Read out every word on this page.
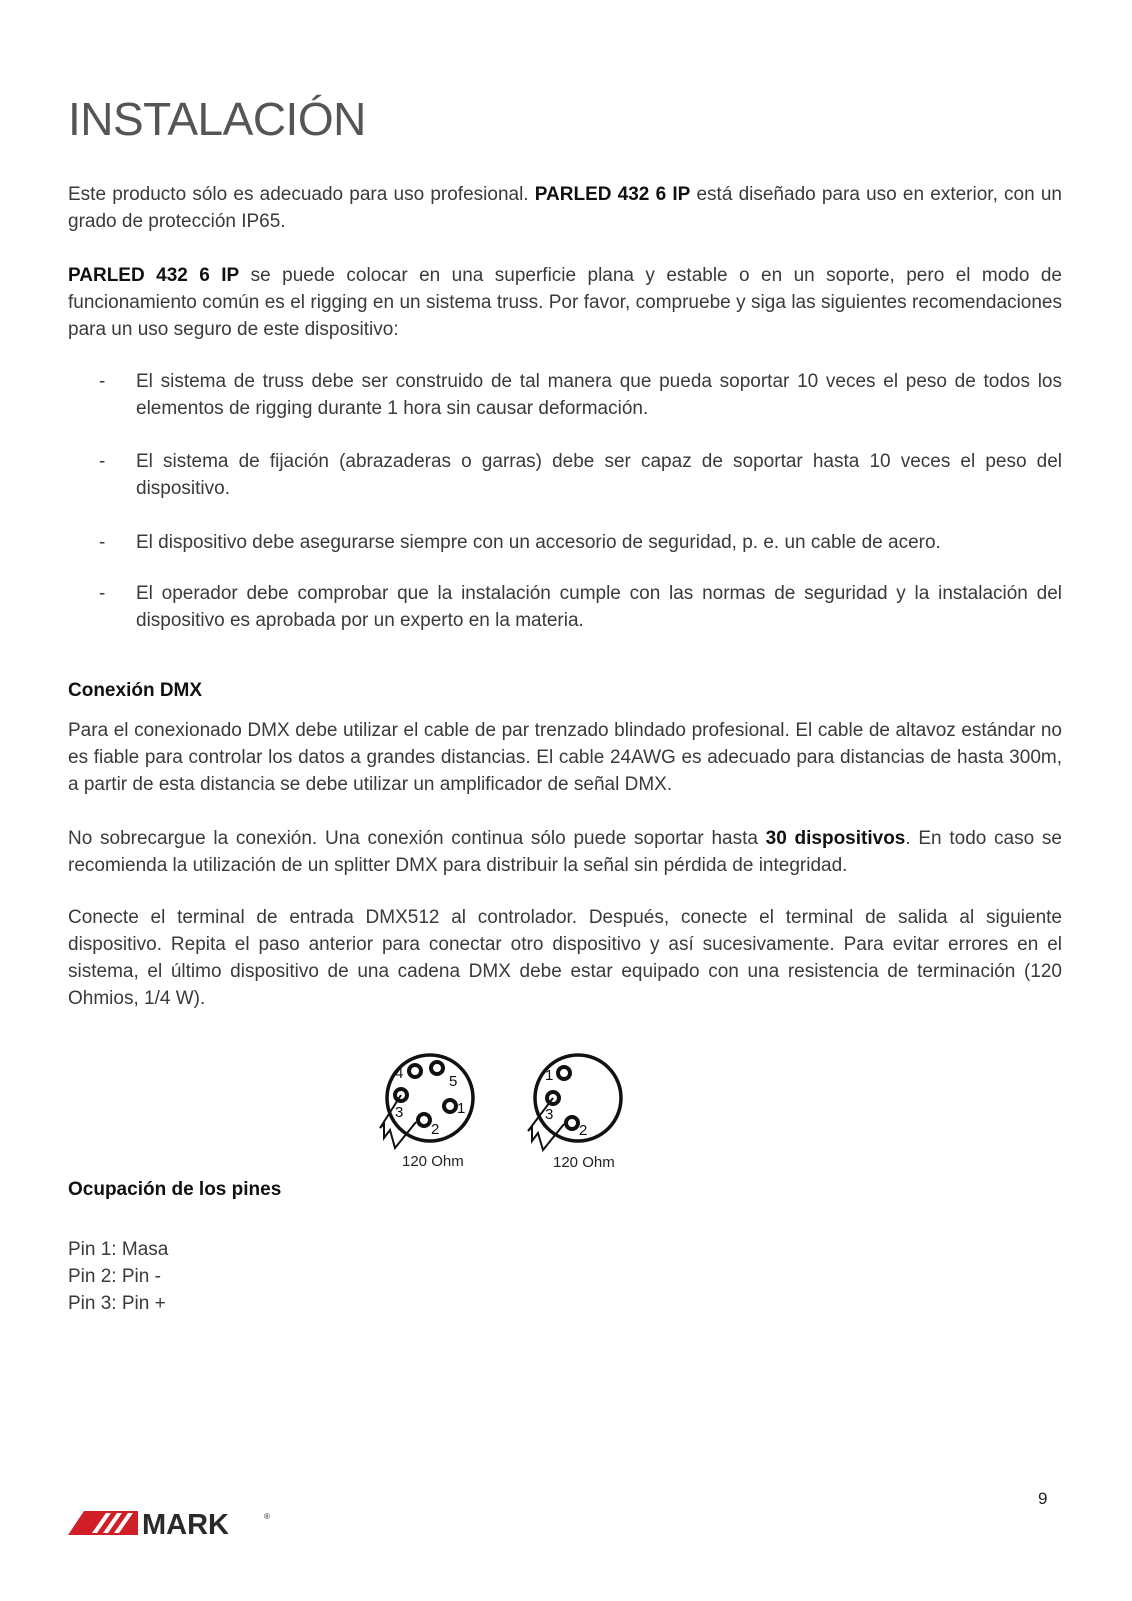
INSTALACIÓN

Este producto sólo es adecuado para uso profesional. PARLED 432 6 IP está diseñado para uso en exterior, con un grado de protección IP65.

PARLED 432 6 IP se puede colocar en una superficie plana y estable o en un soporte, pero el modo de funcionamiento común es el rigging en un sistema truss. Por favor, compruebe y siga las siguientes recomendaciones para un uso seguro de este dispositivo:

- El sistema de truss debe ser construido de tal manera que pueda soportar 10 veces el peso de todos los elementos de rigging durante 1 hora sin causar deformación.
- El sistema de fijación (abrazaderas o garras) debe ser capaz de soportar hasta 10 veces el peso del dispositivo.
- El dispositivo debe asegurarse siempre con un accesorio de seguridad, p. e. un cable de acero.
- El operador debe comprobar que la instalación cumple con las normas de seguridad y la instalación del dispositivo es aprobada por un experto en la materia.
Conexión DMX

Para el conexionado DMX debe utilizar el cable de par trenzado blindado profesional. El cable de altavoz estándar no es fiable para controlar los datos a grandes distancias. El cable 24AWG es adecuado para distancias de hasta 300m, a partir de esta distancia se debe utilizar un amplificador de señal DMX.

No sobrecargue la conexión. Una conexión continua sólo puede soportar hasta 30 dispositivos. En todo caso se recomienda la utilización de un splitter DMX para distribuir la señal sin pérdida de integridad.

Conecte el terminal de entrada DMX512 al controlador. Después, conecte el terminal de salida al siguiente dispositivo. Repita el paso anterior para conectar otro dispositivo y así sucesivamente. Para evitar errores en el sistema, el último dispositivo de una cadena DMX debe estar equipado con una resistencia de terminación (120 Ohmios, 1/4 W).

Ocupación de los pines
Pin 1: Masa
Pin 2: Pin -
Pin 3: Pin +
4	5
3	1
2
1
3
2
120 Ohm	120 Ohm
MARK	®
9
